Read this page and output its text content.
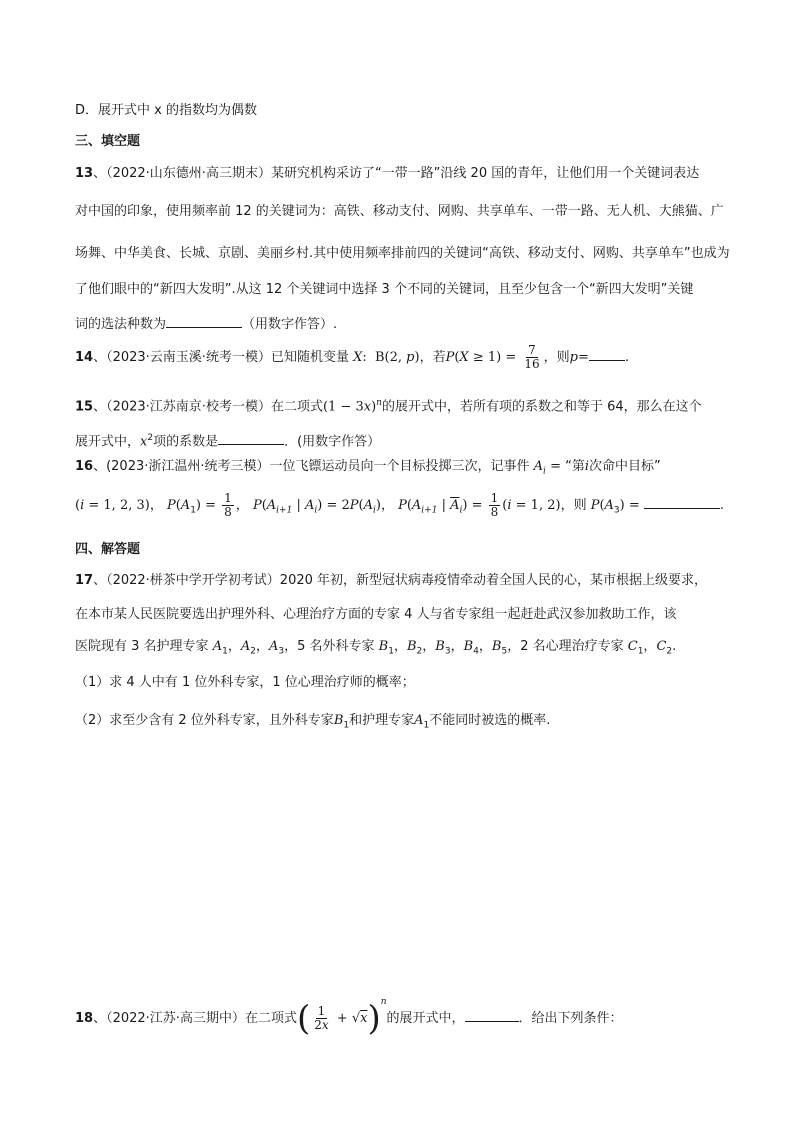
D．展开式中 x 的指数均为偶数
三、填空题
13、（2022·山东德州·高三期末）某研究机构采访了“一带一路”沿线 20 国的青年，让他们用一个关键词表达
对中国的印象，使用频率前 12 的关键词为：高铁、移动支付、网购、共享单车、一带一路、无人机、大熊猫、广
场舞、中华美食、长城、京剧、美丽乡村.其中使用频率排前四的关键词“高铁、移动支付、网购、共享单车”也成为
了他们眼中的“新四大发明”.从这 12 个关键词中选择 3 个不同的关键词，且至少包含一个“新四大发明”关键
词的选法种数为	（用数字作答）.
14、（2023·云南玉溪·统考一模）已知随机变量 X:  B(2, p)，若$P(X \ge 1) = \frac{7}{16}$ ，则p=	.
15、（2023·江苏南京·校考一模）在二项式$(1 - 3x)^n$的展开式中，若所有项的系数之和等于 64，那么在这个
展开式中，$x^2$项的系数是	．(用数字作答）
16、(2023·浙江温州·统考三模）一位飞镖运动员向一个目标投掷三次，记事件 $A_i$ = “第i次命中目标”
(i = 1, 2, 3)， $P(A_1) = \frac{1}{8}$ ， $P(A_{i+1}$ | $A_i) = 2P(A_i)$， $P(A_{i+1}$ | $\overline{A}_i) = \frac{1}{8} (i = 1$, 2)，则 $P(A_3)$ =	.
四、解答题
17、（2022·栟茶中学开学初考试）2020 年初，新型冠状病毒疫情牵动着全国人民的心，某市根据上级要求，
在本市某人民医院要选出护理外科、心理治疗方面的专家 4 人与省专家组一起赶赴武汉参加救助工作，该
医院现有 3 名护理专家 $A_1$，$A_2$，$A_3$，5 名外科专家 $B_1$，$B_2$，$B_3$，$B_4$，$B_5$，2 名心理治疗专家 $C_1$，$C_2$.
（1）求 4 人中有 1 位外科专家，1 位心理治疗师的概率；
（2）求至少含有 2 位外科专家，且外科专家$B_1$和护理专家$A_1$不能同时被选的概率.
18、（2022·江苏·高三期中）在二项式( $\frac{1}{2x} + √x)^n$的展开式中，	．给出下列条件：
